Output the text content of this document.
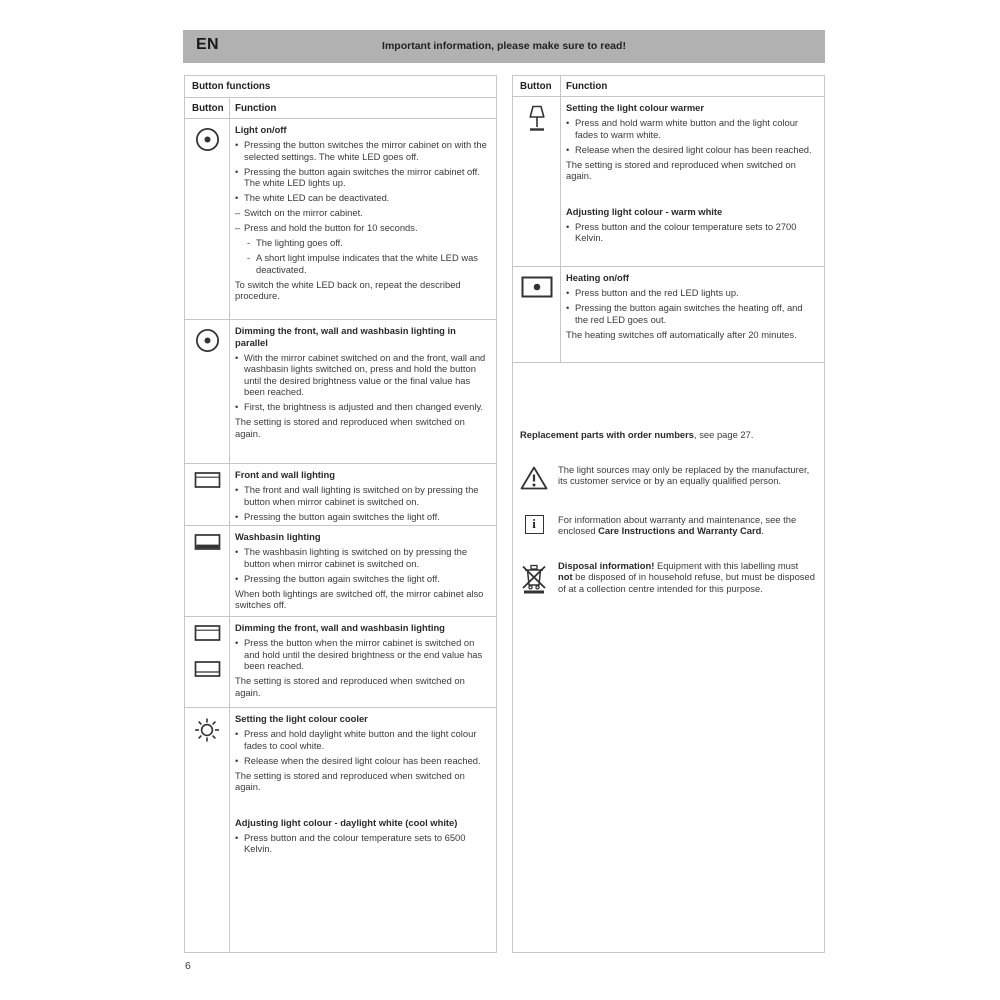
EN	Important information, please make sure to read!
Button functions
Button	Function
Light on/off
• Pressing the button switches the mirror cabinet on with the selected settings. The white LED goes off.
• Pressing the button again switches the mirror cabinet off. The white LED lights up.
• The white LED can be deactivated.
– Switch on the mirror cabinet.
– Press and hold the button for 10 seconds.
- The lighting goes off.
- A short light impulse indicates that the white LED was deactivated.
To switch the white LED back on, repeat the described procedure.
Dimming the front, wall and washbasin lighting in parallel
• With the mirror cabinet switched on and the front, wall and washbasin lights switched on, press and hold the button until the desired brightness value or the final value has been reached.
• First, the brightness is adjusted and then changed evenly.
The setting is stored and reproduced when switched on again.
Front and wall lighting
• The front and wall lighting is switched on by pressing the button when mirror cabinet is switched on.
• Pressing the button again switches the light off.
Washbasin lighting
• The washbasin lighting is switched on by pressing the button when mirror cabinet is switched on.
• Pressing the button again switches the light off.
When both lightings are switched off, the mirror cabinet also switches off.
Dimming the front, wall and washbasin lighting
• Press the button when the mirror cabinet is switched on and hold until the desired brightness or the end value has been reached.
The setting is stored and reproduced when switched on again.
Setting the light colour cooler
• Press and hold daylight white button and the light colour fades to cool white.
• Release when the desired light colour has been reached.
The setting is stored and reproduced when switched on again.
Adjusting light colour - daylight white (cool white)
• Press button and the colour temperature sets to 6500 Kelvin.
Button	Function
Setting the light colour warmer
• Press and hold warm white button and the light colour fades to warm white.
• Release when the desired light colour has been reached.
The setting is stored and reproduced when switched on again.
Adjusting light colour - warm white
• Press button and the colour temperature sets to 2700 Kelvin.
Heating on/off
• Press button and the red LED lights up.
• Pressing the button again switches the heating off, and the red LED goes out.
The heating switches off automatically after 20 minutes.
Replacement parts with order numbers, see page 27.
The light sources may only be replaced by the manufacturer, its customer service or by an equally qualified person.
i For information about warranty and maintenance, see the enclosed Care Instructions and Warranty Card.
Disposal information! Equipment with this labelling must not be disposed of in household refuse, but must be disposed of at a collection centre intended for this purpose.
6
